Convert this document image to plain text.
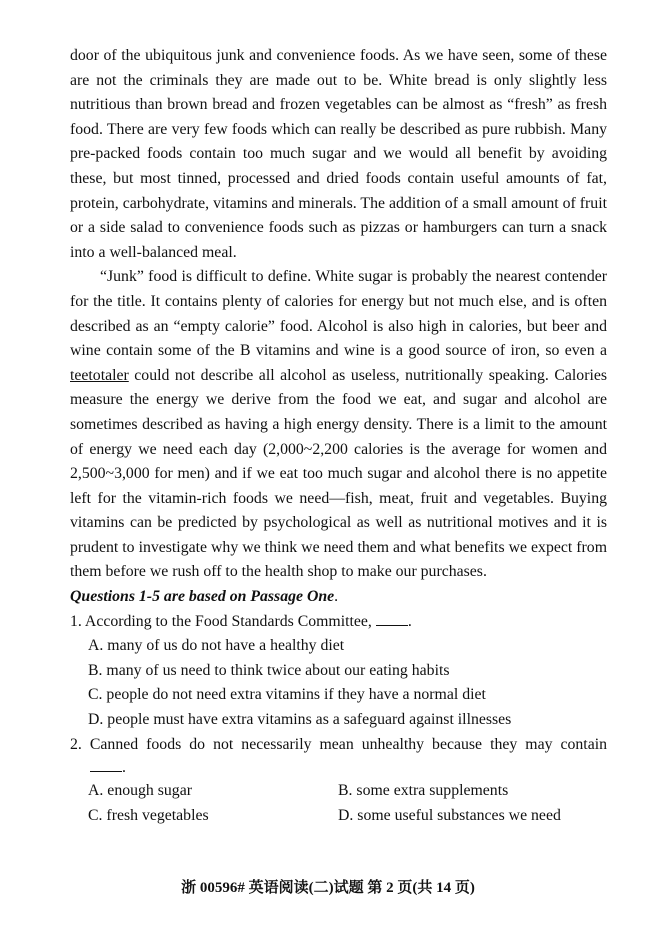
door of the ubiquitous junk and convenience foods. As we have seen, some of these are not the criminals they are made out to be. White bread is only slightly less nutritious than brown bread and frozen vegetables can be almost as “fresh” as fresh food. There are very few foods which can really be described as pure rubbish. Many pre-packed foods contain too much sugar and we would all benefit by avoiding these, but most tinned, processed and dried foods contain useful amounts of fat, protein, carbohydrate, vitamins and minerals. The addition of a small amount of fruit or a side salad to convenience foods such as pizzas or hamburgers can turn a snack into a well-balanced meal.

“Junk” food is difficult to define. White sugar is probably the nearest contender for the title. It contains plenty of calories for energy but not much else, and is often described as an “empty calorie” food. Alcohol is also high in calories, but beer and wine contain some of the B vitamins and wine is a good source of iron, so even a teetotaler could not describe all alcohol as useless, nutritionally speaking. Calories measure the energy we derive from the food we eat, and sugar and alcohol are sometimes described as having a high energy density. There is a limit to the amount of energy we need each day (2,000~2,200 calories is the average for women and 2,500~3,000 for men) and if we eat too much sugar and alcohol there is no appetite left for the vitamin-rich foods we need—fish, meat, fruit and vegetables. Buying vitamins can be predicted by psychological as well as nutritional motives and it is prudent to investigate why we think we need them and what benefits we expect from them before we rush off to the health shop to make our purchases.

Questions 1-5 are based on Passage One.

1. According to the Food Standards Committee, .

A. many of us do not have a healthy diet

B. many of us need to think twice about our eating habits

C. people do not need extra vitamins if they have a normal diet

D. people must have extra vitamins as a safeguard against illnesses

2. Canned foods do not necessarily mean unhealthy because they may contain

.

A. enough sugar	B. some extra supplements
C. fresh vegetables	D. some useful substances we need
浙 00596# 英语阅读(二)试题 第 2 页(共 14 页)
